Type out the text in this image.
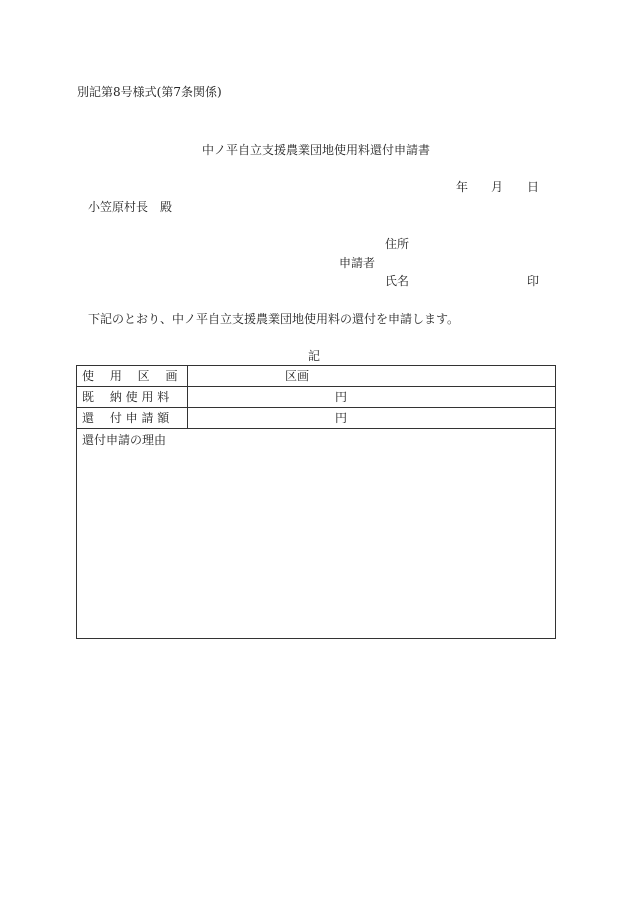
別記第8号様式(第7条関係)
中ノ平自立支援農業団地使用料還付申請書
年 月 日
小笠原村長　殿
住所
申請者
氏名	印
下記のとおり、中ノ平自立支援農業団地使用料の還付を申請します。
記
使　 用 　区　 画	区画

既 　納 使 用 料	円

還 　付 申 請 額	円

還付申請の理由	
